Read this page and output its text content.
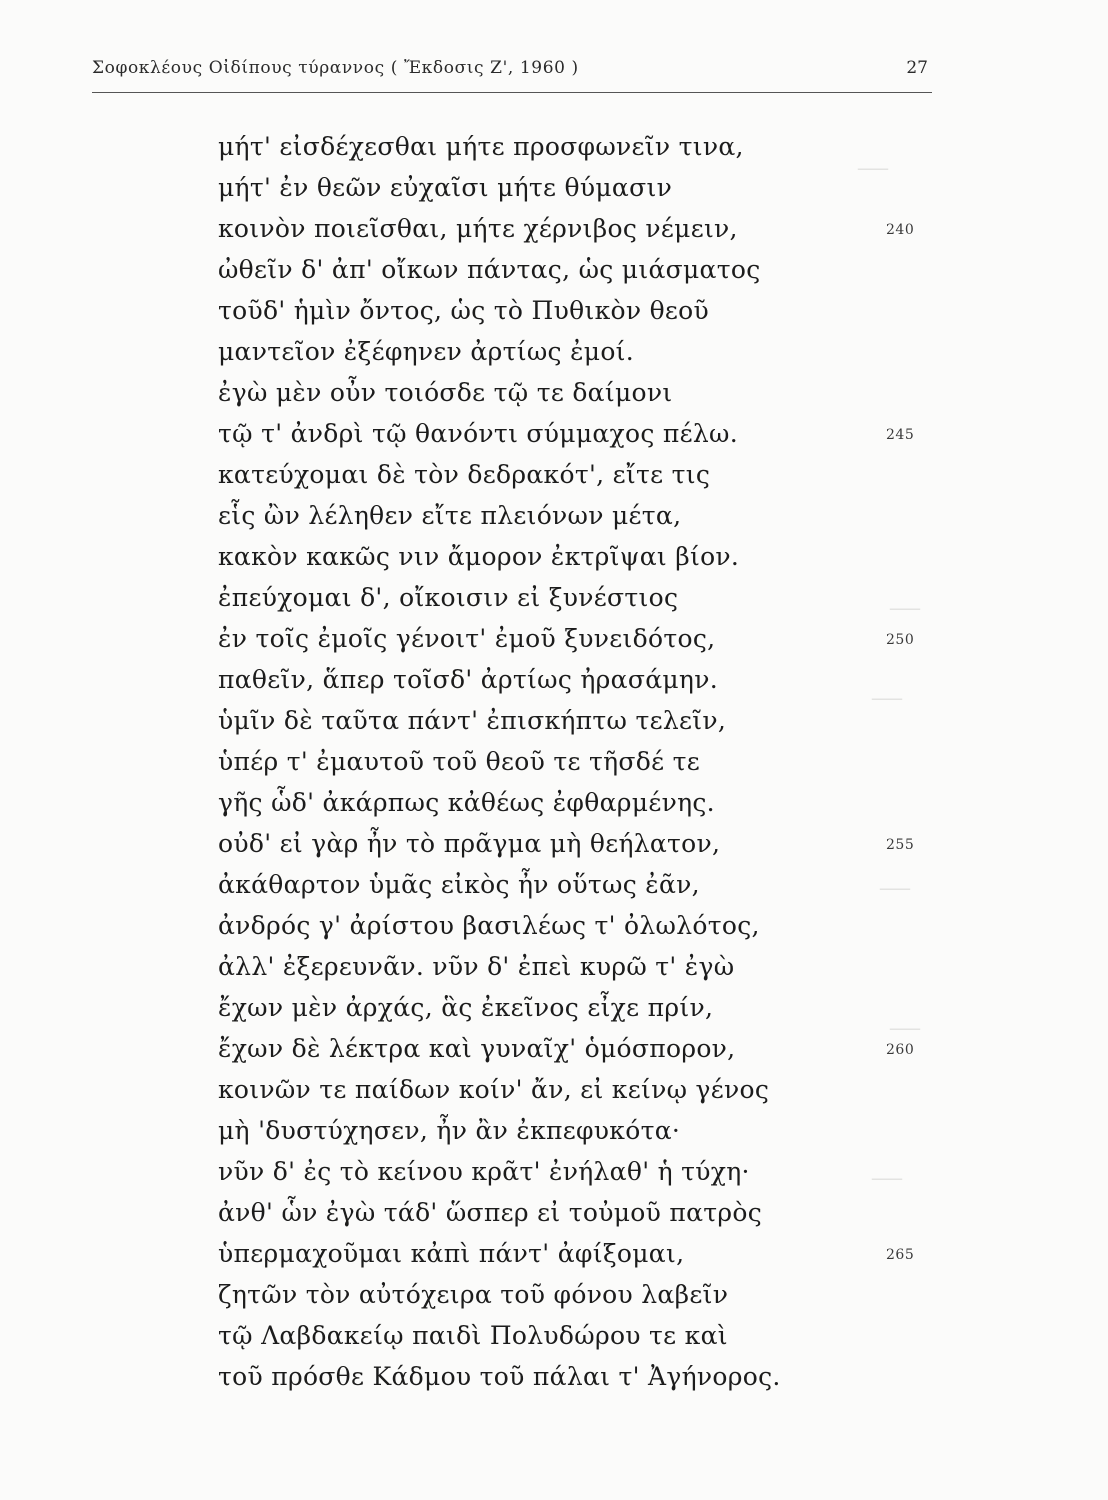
—
—
—
—
—
—
Σοφοκλέους Οἰδίπους τύραννος ( Ἔκδοσις Ζ', 1960 )	27
μήτ' εἰσδέχεσθαι μήτε προσφωνεῖν τινα,
μήτ' ἐν θεῶν εὐχαῖσι μήτε θύμασιν
κοινὸν ποιεῖσθαι, μήτε χέρνιβος νέμειν,	240
ὠθεῖν δ' ἀπ' οἴκων πάντας, ὡς μιάσματος
τοῦδ' ἡμὶν ὄντος, ὡς τὸ Πυθικὸν θεοῦ
μαντεῖον ἐξέφηνεν ἀρτίως ἐμοί.
ἐγὼ μὲν οὖν τοιόσδε τῷ τε δαίμονι
τῷ τ' ἀνδρὶ τῷ θανόντι σύμμαχος πέλω.	245
κατεύχομαι δὲ τὸν δεδρακότ', εἴτε τις
εἷς ὢν λέληθεν εἴτε πλειόνων μέτα,
κακὸν κακῶς νιν ἄμορον ἐκτρῖψαι βίον.
ἐπεύχομαι δ', οἴκοισιν εἰ ξυνέστιος
ἐν τοῖς ἐμοῖς γένοιτ' ἐμοῦ ξυνειδότος,	250
παθεῖν, ἅπερ τοῖσδ' ἀρτίως ἠρασάμην.
ὑμῖν δὲ ταῦτα πάντ' ἐπισκήπτω τελεῖν,
ὑπέρ τ' ἐμαυτοῦ τοῦ θεοῦ τε τῆσδέ τε
γῆς ὧδ' ἀκάρπως κἀθέως ἐφθαρμένης.
οὐδ' εἰ γὰρ ἦν τὸ πρᾶγμα μὴ θεήλατον,	255
ἀκάθαρτον ὑμᾶς εἰκὸς ἦν οὕτως ἐᾶν,
ἀνδρός γ' ἀρίστου βασιλέως τ' ὀλωλότος,
ἀλλ' ἐξερευνᾶν. νῦν δ' ἐπεὶ κυρῶ τ' ἐγὼ
ἔχων μὲν ἀρχάς, ἃς ἐκεῖνος εἶχε πρίν,
ἔχων δὲ λέκτρα καὶ γυναῖχ' ὁμόσπορον,	260
κοινῶν τε παίδων κοίν' ἄν, εἰ κείνῳ γένος
μὴ 'δυστύχησεν, ἦν ἂν ἐκπεφυκότα·
νῦν δ' ἐς τὸ κείνου κρᾶτ' ἐνήλαθ' ἡ τύχη·
ἀνθ' ὧν ἐγὼ τάδ' ὥσπερ εἰ τοὐμοῦ πατρὸς
ὑπερμαχοῦμαι κἀπὶ πάντ' ἀφίξομαι,	265
ζητῶν τὸν αὐτόχειρα τοῦ φόνου λαβεῖν
τῷ Λαβδακείῳ παιδὶ Πολυδώρου τε καὶ
τοῦ πρόσθε Κάδμου τοῦ πάλαι τ' Ἀγήνορος.
